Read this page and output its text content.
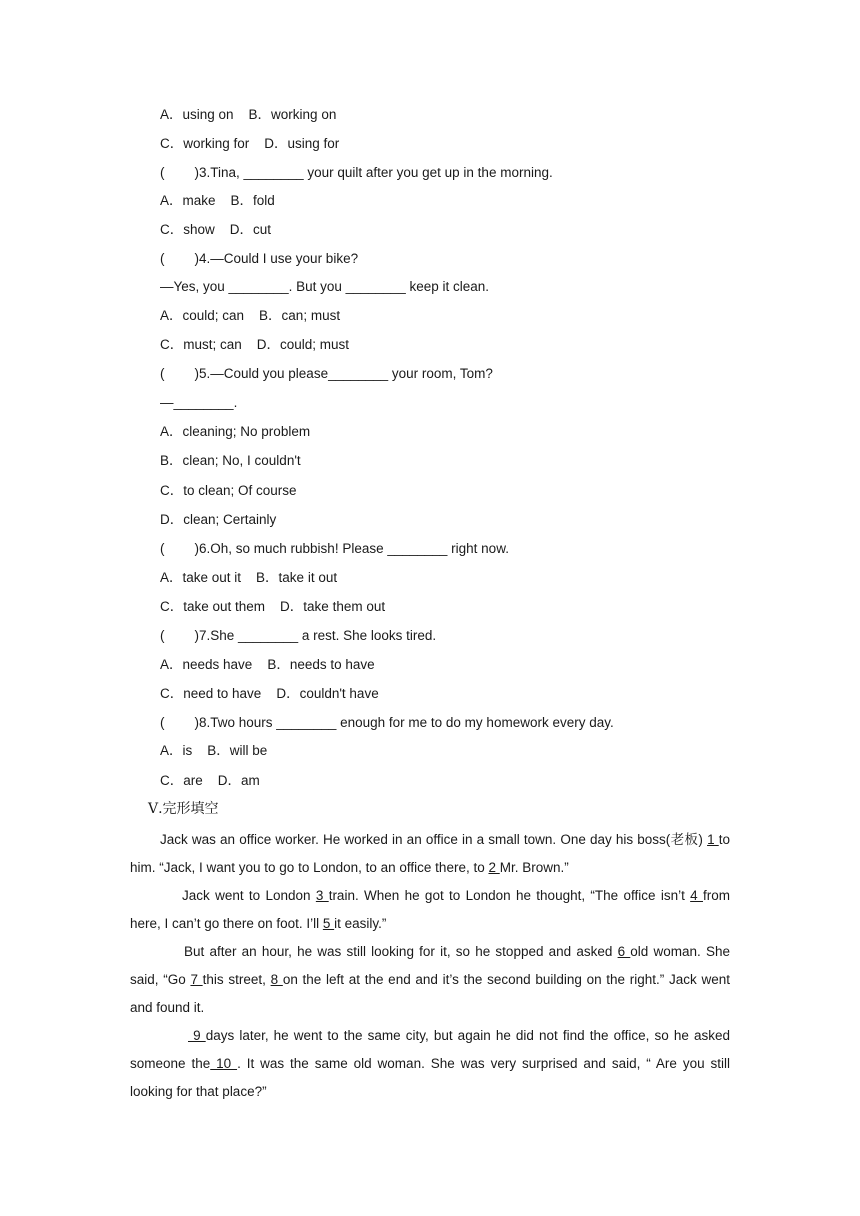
A．using on    B．working on
C．working for    D．using for
(        )3.Tina, ________ your quilt after you get up in the morning.
A．make    B．fold
C．show    D．cut
(        )4.—Could I use your bike?
—Yes, you ________. But you ________ keep it clean.
A．could; can    B．can; must
C．must; can    D．could; must
(        )5.—Could you please________ your room, Tom?
—________.
A．cleaning; No problem
B．clean; No, I couldn't
C．to clean; Of course
D．clean; Certainly
(        )6.Oh, so much rubbish! Please ________ right now.
A．take out it    B．take it out
C．take out them    D．take them out
(        )7.She ________ a rest. She looks tired.
A．needs have    B．needs to have
C．need to have    D．couldn't have
(        )8.Two hours ________ enough for me to do my homework every day.
A．is    B．will be
C．are    D．am
Ⅴ.完形填空

Jack was an office worker. He worked in an office in a small town. One day his boss(老板) 1 to him. “Jack, I want you to go to London, to an office there, to 2 Mr. Brown.”

Jack went to London 3 train. When he got to London he thought, “The office isn’t 4 from here, I can’t go there on foot. I’ll 5 it easily.”

But after an hour, he was still looking for it, so he stopped and asked 6 old woman. She said, “Go 7 this street, 8 on the left at the end and it’s the second building on the right.” Jack went and found it.

9 days later, he went to the same city, but again he did not find the office, so he asked someone the 10 . It was the same old woman. She was very surprised and said, “ Are you still looking for that place?”
